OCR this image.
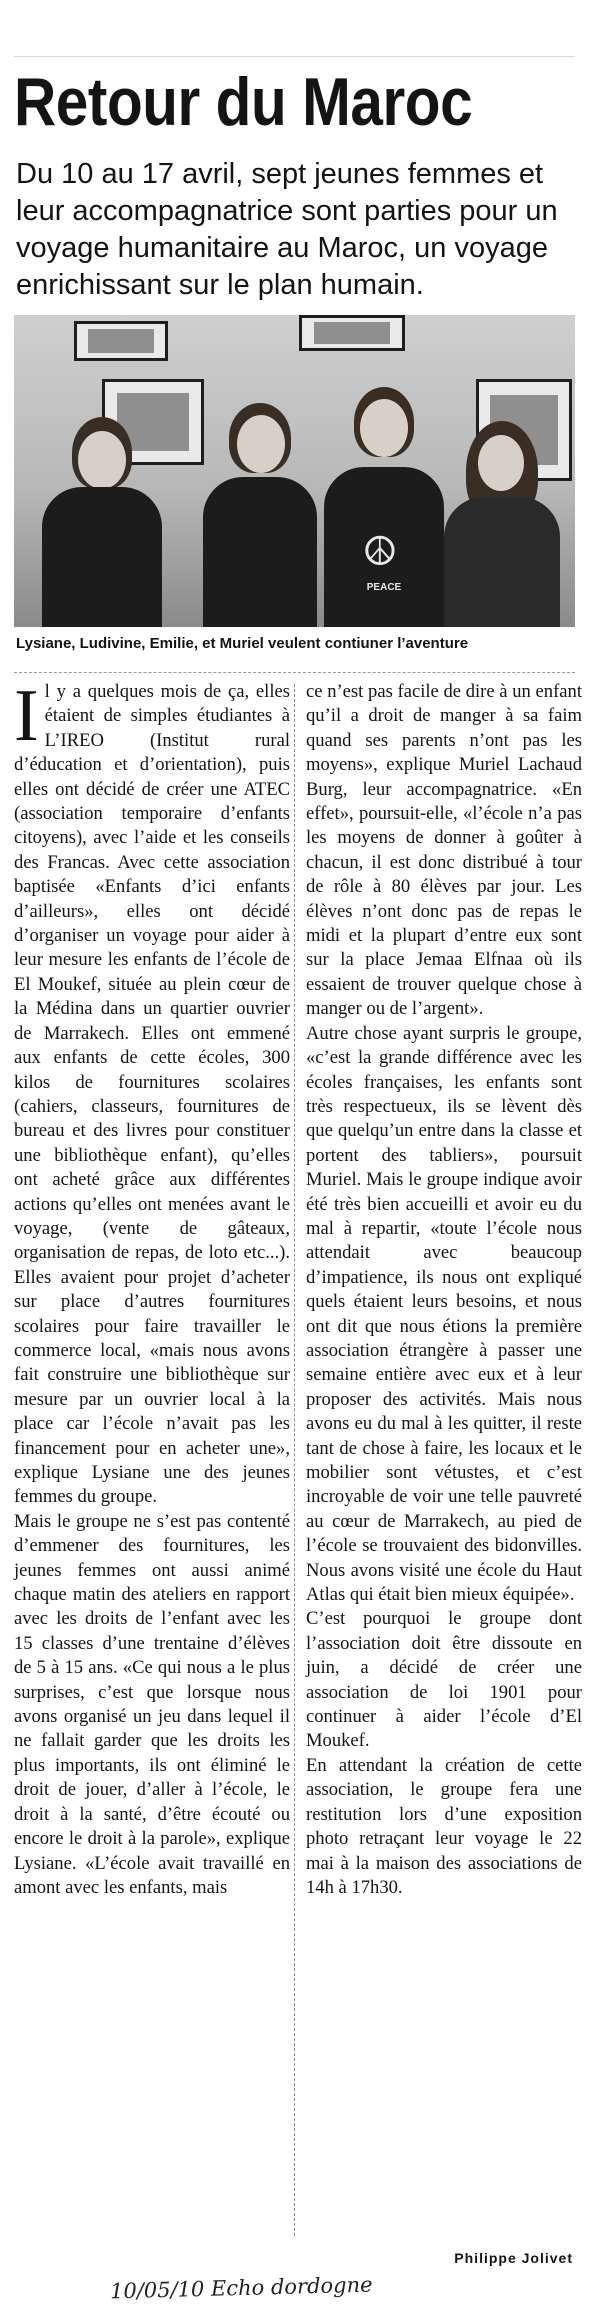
Retour du Maroc

Du 10 au 17 avril, sept jeunes femmes et leur accompagnatrice sont parties pour un voyage humanitaire au Maroc, un voyage enrichissant sur le plan humain.

☮
PEACE

Lysiane, Ludivine, Emilie, et Muriel veulent contiuner l’aventure

I l y a quelques mois de ça, elles étaient de simples étudiantes à L’IREO (Institut rural d’éducation et d’orientation), puis elles ont décidé de créer une ATEC (association temporaire d’enfants citoyens), avec l’aide et les conseils des Francas. Avec cette association baptisée «Enfants d’ici enfants d’ailleurs», elles ont décidé d’organiser un voyage pour aider à leur mesure les enfants de l’école de El Moukef, située au plein cœur de la Médina dans un quartier ouvrier de Marrakech. Elles ont emmené aux enfants de cette écoles, 300 kilos de fournitures scolaires (cahiers, classeurs, fournitures de bureau et des livres pour constituer une bibliothèque enfant), qu’elles ont acheté grâce aux différentes actions qu’elles ont menées avant le voyage, (vente de gâteaux, organisation de repas, de loto etc...). Elles avaient pour projet d’acheter sur place d’autres fournitures scolaires pour faire travailler le commerce local, «mais nous avons fait construire une bibliothèque sur mesure par un ouvrier local à la place car l’école n’avait pas les financement pour en acheter une», explique Lysiane une des jeunes femmes du groupe.

Mais le groupe ne s’est pas contenté d’emmener des fournitures, les jeunes femmes ont aussi animé chaque matin des ateliers en rapport avec les droits de l’enfant avec les 15 classes d’une trentaine d’élèves de 5 à 15 ans. «Ce qui nous a le plus surprises, c’est que lorsque nous avons organisé un jeu dans lequel il ne fallait garder que les droits les plus importants, ils ont éliminé le droit de jouer, d’aller à l’école, le droit à la santé, d’être écouté ou encore le droit à la parole», explique Lysiane. «L’école avait travaillé en amont avec les enfants, mais

ce n’est pas facile de dire à un enfant qu’il a droit de manger à sa faim quand ses parents n’ont pas les moyens», explique Muriel Lachaud Burg, leur accompagnatrice. «En effet», poursuit-elle, «l’école n’a pas les moyens de donner à goûter à chacun, il est donc distribué à tour de rôle à 80 élèves par jour. Les élèves n’ont donc pas de repas le midi et la plupart d’entre eux sont sur la place Jemaa Elfnaa où ils essaient de trouver quelque chose à manger ou de l’argent».

Autre chose ayant surpris le groupe, «c’est la grande différence avec les écoles françaises, les enfants sont très respectueux, ils se lèvent dès que quelqu’un entre dans la classe et portent des tabliers», poursuit Muriel. Mais le groupe indique avoir été très bien accueilli et avoir eu du mal à repartir, «toute l’école nous attendait avec beaucoup d’impatience, ils nous ont expliqué quels étaient leurs besoins, et nous ont dit que nous étions la première association étrangère à passer une semaine entière avec eux et à leur proposer des activités. Mais nous avons eu du mal à les quitter, il reste tant de chose à faire, les locaux et le mobilier sont vétustes, et c’est incroyable de voir une telle pauvreté au cœur de Marrakech, au pied de l’école se trouvaient des bidonvilles. Nous avons visité une école du Haut Atlas qui était bien mieux équipée».

C’est pourquoi le groupe dont l’association doit être dissoute en juin, a décidé de créer une association de loi 1901 pour continuer à aider l’école d’El Moukef.

En attendant la création de cette association, le groupe fera une restitution lors d’une exposition photo retraçant leur voyage le 22 mai à la maison des associations de 14h à 17h30.

Philippe Jolivet

10/05/10 Echo dordogne
